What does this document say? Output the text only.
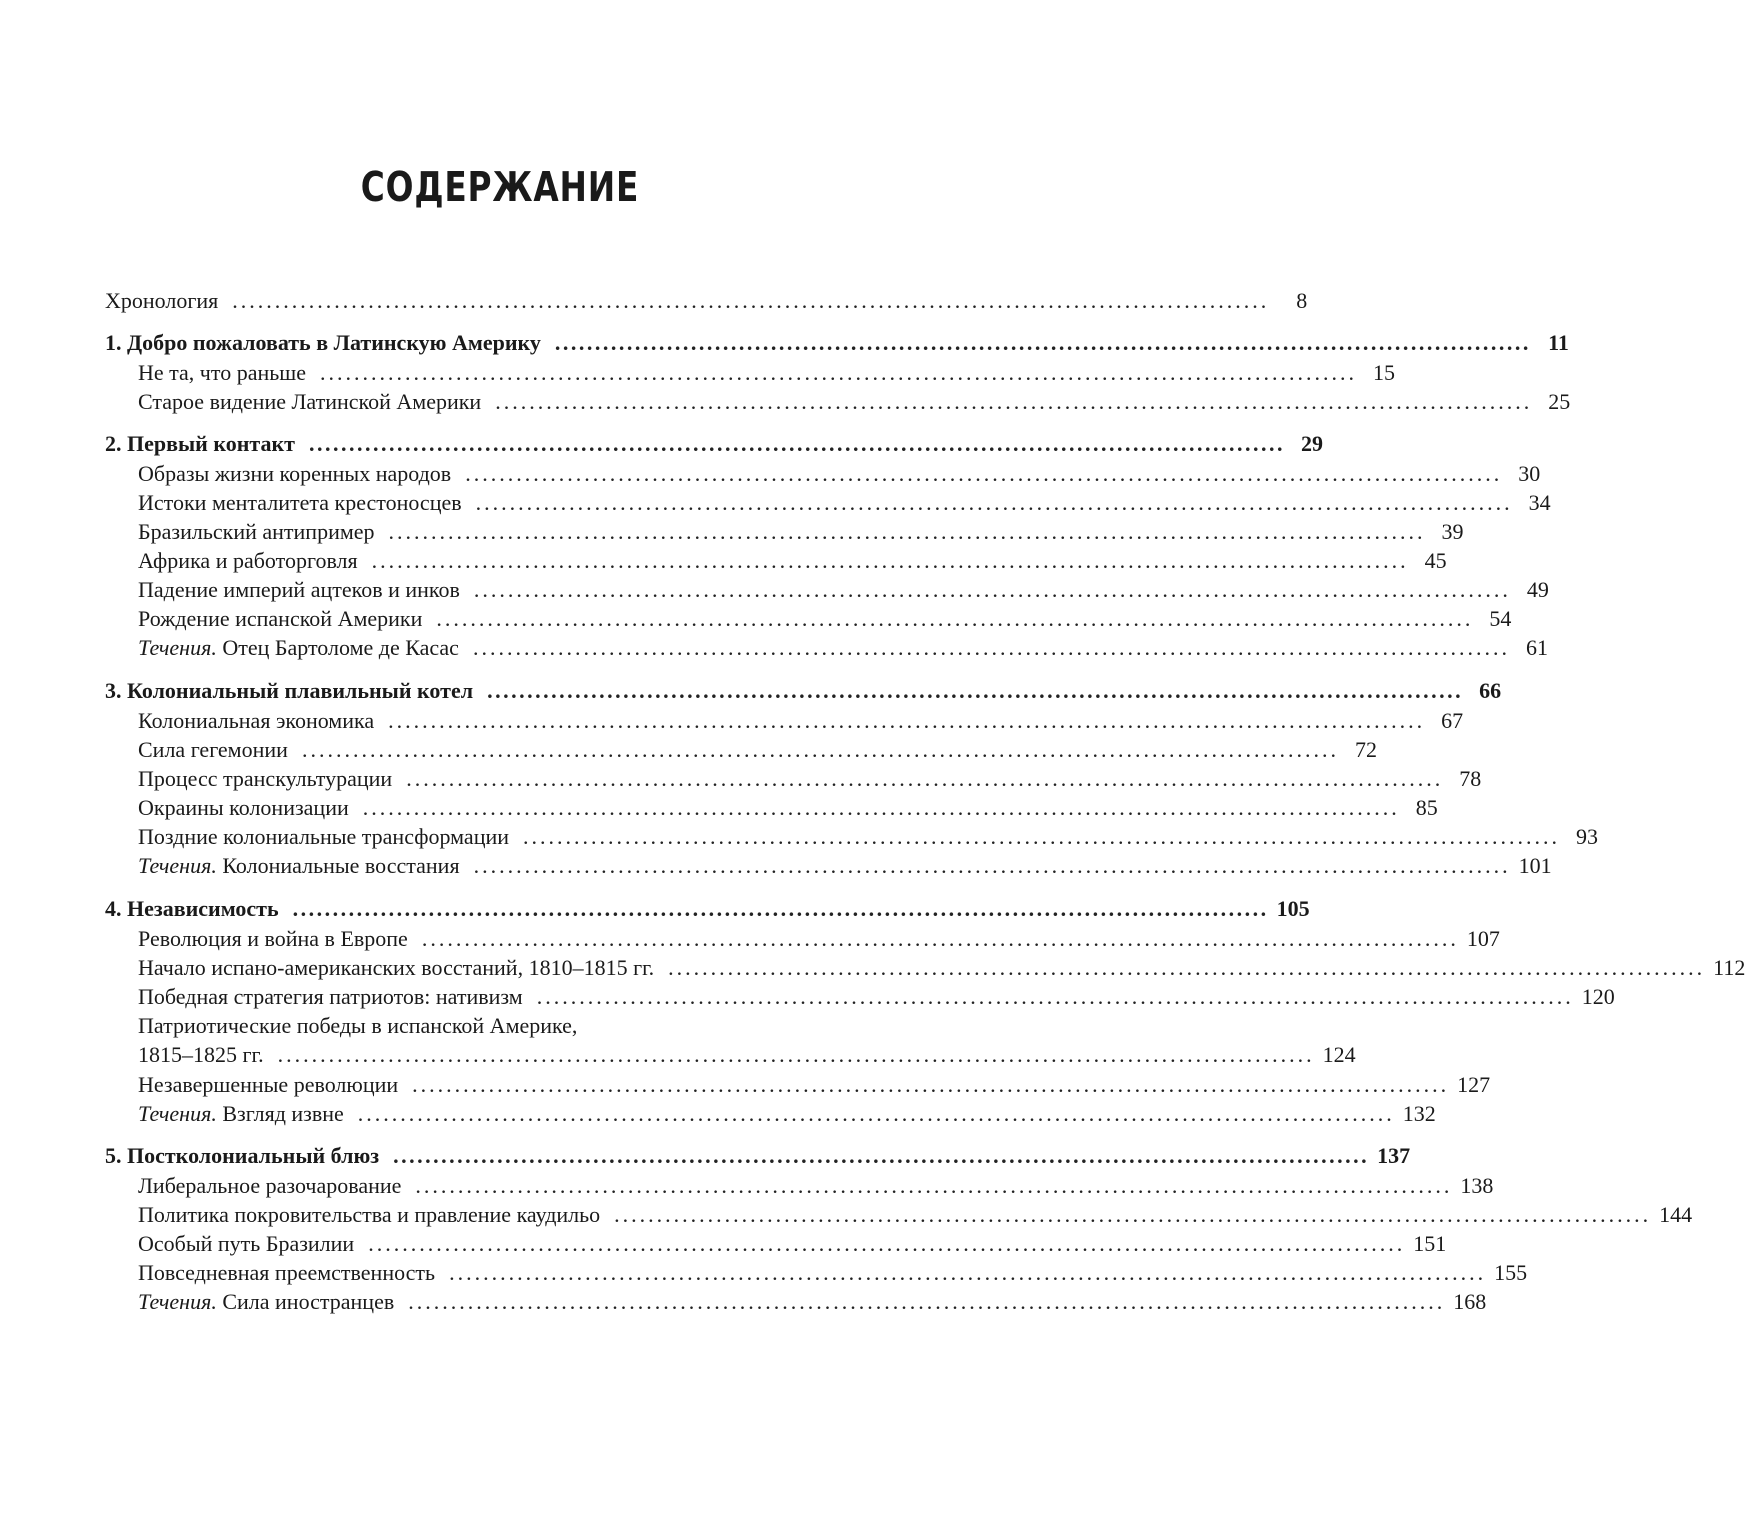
СОДЕРЖАНИЕ
Хронология ..........................................................................................................................	8
1. Добро пожаловать в Латинскую Америку .......................................................................................................................... 11
Не та, что раньше .......................................................................................................................... 15
Старое видение Латинской Америки .......................................................................................................................... 25
2. Первый контакт .......................................................................................................................... 29
Образы жизни коренных народов .......................................................................................................................... 30
Истоки менталитета крестоносцев .......................................................................................................................... 34
Бразильский антипример .......................................................................................................................... 39
Африка и работорговля .......................................................................................................................... 45
Падение империй ацтеков и инков .......................................................................................................................... 49
Рождение испанской Америки .......................................................................................................................... 54
Течения. Отец Бартоломе де Касас .......................................................................................................................... 61
3. Колониальный плавильный котел .......................................................................................................................... 66
Колониальная экономика .......................................................................................................................... 67
Сила гегемонии .......................................................................................................................... 72
Процесс транскультурации .......................................................................................................................... 78
Окраины колонизации .......................................................................................................................... 85
Поздние колониальные трансформации .......................................................................................................................... 93
Течения. Колониальные восстания .......................................................................................................................... 101
4. Независимость .......................................................................................................................... 105
Революция и война в Европе .......................................................................................................................... 107
Начало испано-американских восстаний, 1810–1815 гг. .......................................................................................................................... 112
Победная стратегия патриотов: нативизм .......................................................................................................................... 120
Патриотические победы в испанской Америке,
1815–1825 гг. .......................................................................................................................... 124
Незавершенные революции .......................................................................................................................... 127
Течения. Взгляд извне .......................................................................................................................... 132
5. Постколониальный блюз .......................................................................................................................... 137
Либеральное разочарование .......................................................................................................................... 138
Политика покровительства и правление каудильо .......................................................................................................................... 144
Особый путь Бразилии .......................................................................................................................... 151
Повседневная преемственность .......................................................................................................................... 155
Течения. Сила иностранцев .......................................................................................................................... 168
